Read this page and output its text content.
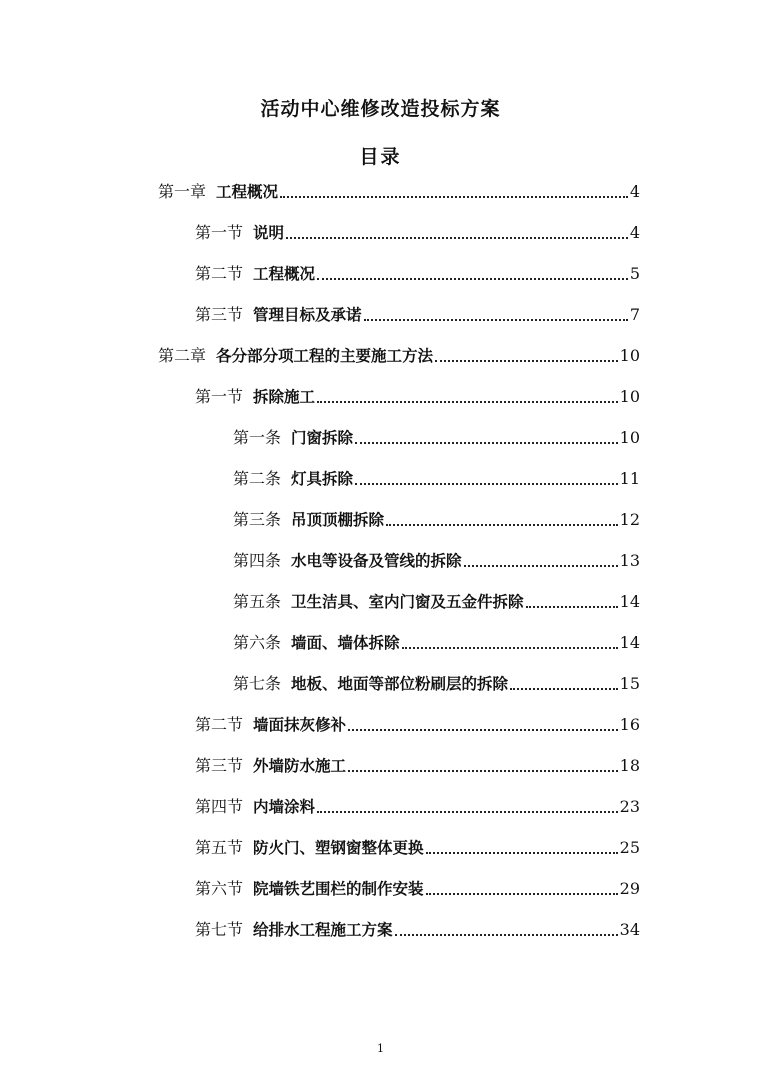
活动中心维修改造投标方案
目录
第一章 工程概况	4
第一节 说明	4
第二节 工程概况	5
第三节 管理目标及承诺	7
第二章 各分部分项工程的主要施工方法	10
第一节 拆除施工	10
第一条 门窗拆除	10
第二条 灯具拆除	11
第三条 吊顶顶棚拆除	12
第四条 水电等设备及管线的拆除	13
第五条 卫生洁具、室内门窗及五金件拆除	14
第六条 墙面、墙体拆除	14
第七条 地板、地面等部位粉刷层的拆除	15
第二节 墙面抹灰修补	16
第三节 外墙防水施工	18
第四节 内墙涂料	23
第五节 防火门、塑钢窗整体更换	25
第六节 院墙铁艺围栏的制作安装	29
第七节 给排水工程施工方案	34
1
